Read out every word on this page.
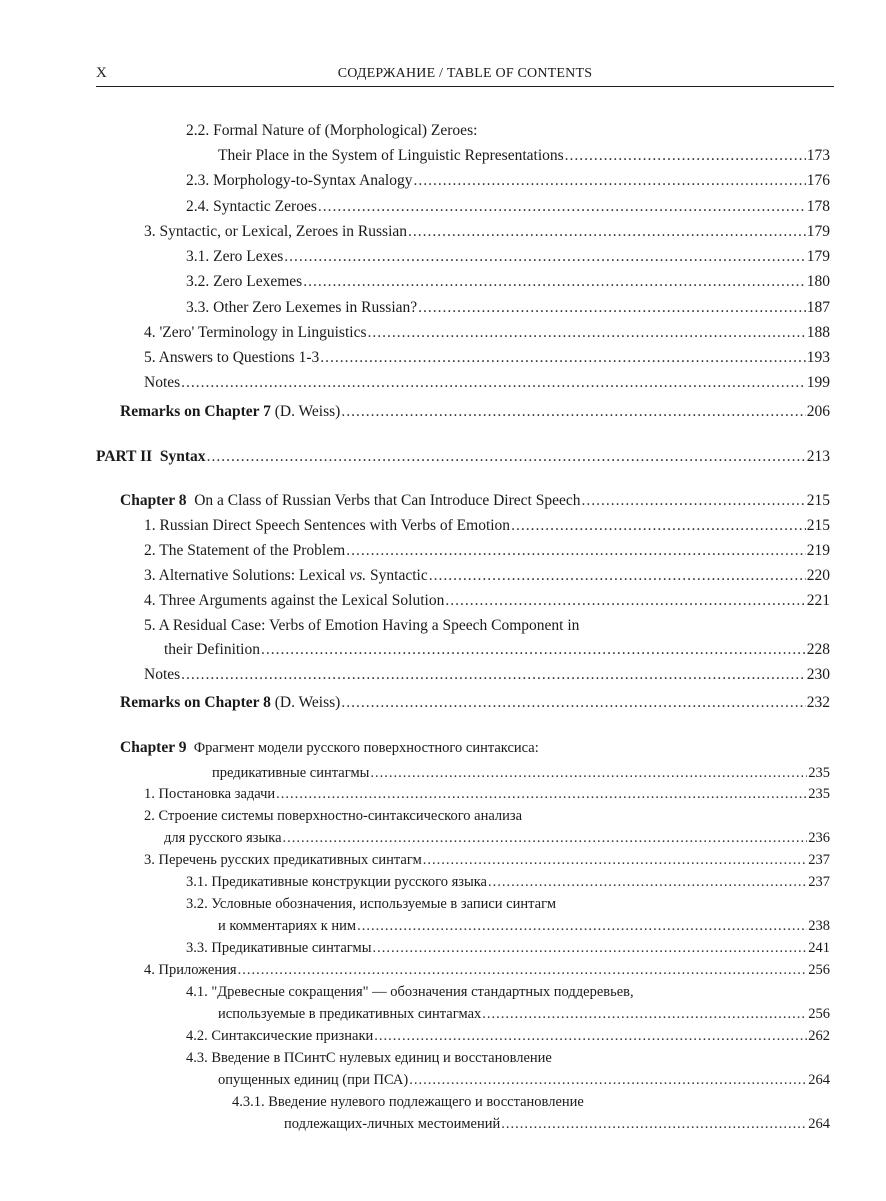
X	СОДЕРЖАНИЕ / TABLE OF CONTENTS
2.2. Formal Nature of (Morphological) Zeroes:
Their Place in the System of Linguistic Representations .....	173
2.3. Morphology-to-Syntax Analogy .....	176
2.4. Syntactic Zeroes .....	178
3. Syntactic, or Lexical, Zeroes in Russian .....	179
3.1. Zero Lexes .....	179
3.2. Zero Lexemes .....	180
3.3. Other Zero Lexemes in Russian? .....	187
4. 'Zero' Terminology in Linguistics .....	188
5. Answers to Questions 1-3 .....	193
Notes .....	199
Remarks on Chapter 7 (D. Weiss) .....	206
PART II  Syntax .....	213
Chapter 8 On a Class of Russian Verbs that Can Introduce Direct Speech .....	215
1. Russian Direct Speech Sentences with Verbs of Emotion .....	215
2. The Statement of the Problem .....	219
3. Alternative Solutions: Lexical vs. Syntactic .....	220
4. Three Arguments against the Lexical Solution .....	221
5. A Residual Case: Verbs of Emotion Having a Speech Component in
their Definition .....	228
Notes .....	230
Remarks on Chapter 8 (D. Weiss) .....	232
Chapter 9  Фрагмент модели русского поверхностного синтаксиса:
предикативные синтагмы .....	235
1. Постановка задачи .....	235
2. Строение системы поверхностно-синтаксического анализа
для русского языка .....	236
3. Перечень русских предикативных синтагм .....	237
3.1. Предикативные конструкции русского языка .....	237
3.2. Условные обозначения, используемые в записи синтагм
и комментариях к ним .....	238
3.3. Предикативные синтагмы .....	241
4. Приложения .....	256
4.1. "Древесные сокращения" — обозначения стандартных поддеревьев,
используемые в предикативных синтагмах .....	256
4.2. Синтаксические признаки .....	262
4.3. Введение в ПСинтС нулевых единиц и восстановление
опущенных единиц (при ПСА) .....	264
4.3.1. Введение нулевого подлежащего и восстановление
подлежащих-личных местоимений .....	264
